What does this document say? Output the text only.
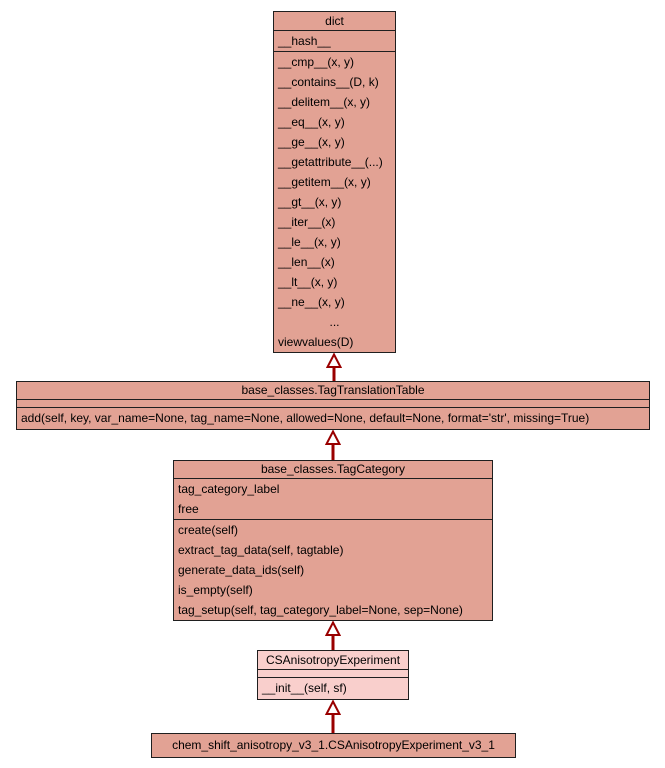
dict
__hash__
__cmp__(x, y)
__contains__(D, k)
__delitem__(x, y)
__eq__(x, y)
__ge__(x, y)
__getattribute__(...)
__getitem__(x, y)
__gt__(x, y)
__iter__(x)
__le__(x, y)
__len__(x)
__lt__(x, y)
__ne__(x, y)
...
viewvalues(D)
base_classes.TagTranslationTable
add(self, key, var_name=None, tag_name=None, allowed=None, default=None, format='str', missing=True)
base_classes.TagCategory
tag_category_label
free
create(self)
extract_tag_data(self, tagtable)
generate_data_ids(self)
is_empty(self)
tag_setup(self, tag_category_label=None, sep=None)
CSAnisotropyExperiment
__init__(self, sf)
chem_shift_anisotropy_v3_1.CSAnisotropyExperiment_v3_1
